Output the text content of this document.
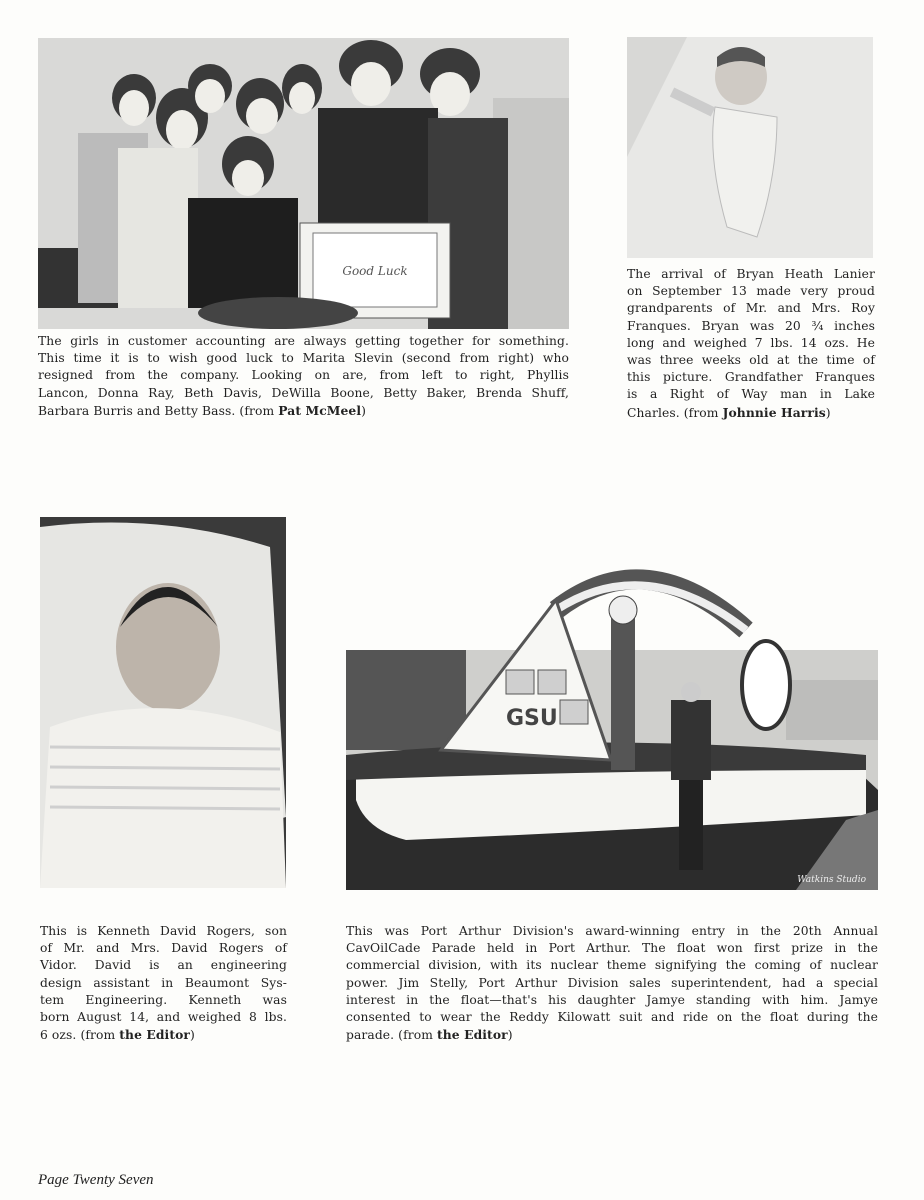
Good Luck
GSU
Watkins Studio
The girls in customer accounting are always getting together for something.
This time it is to wish good luck to Marita Slevin (second from right) who
resigned from the company. Looking on are, from left to right, Phyllis
Lancon, Donna Ray, Beth Davis, DeWilla Boone, Betty Baker, Brenda Shuff,
Barbara Burris and Betty Bass. (from Pat McMeel)
The arrival of Bryan Heath Lanier
on September 13 made very proud
grandparents of Mr. and Mrs. Roy
Franques. Bryan was 20 ¾ inches
long and weighed 7 lbs. 14 ozs. He
was three weeks old at the time of
this picture. Grandfather Franques
is a Right of Way man in Lake
Charles. (from Johnnie Harris)
This is Kenneth David Rogers, son
of Mr. and Mrs. David Rogers of
Vidor. David is an engineering
design assistant in Beaumont Sys-
tem Engineering. Kenneth was
born August 14, and weighed 8 lbs.
6 ozs. (from the Editor)
This was Port Arthur Division's award-winning entry in the 20th Annual
CavOilCade Parade held in Port Arthur. The float won first prize in the
commercial division, with its nuclear theme signifying the coming of nuclear
power. Jim Stelly, Port Arthur Division sales superintendent, had a special
interest in the float—that's his daughter Jamye standing with him. Jamye
consented to wear the Reddy Kilowatt suit and ride on the float during the
parade. (from the Editor)
Page Twenty Seven
